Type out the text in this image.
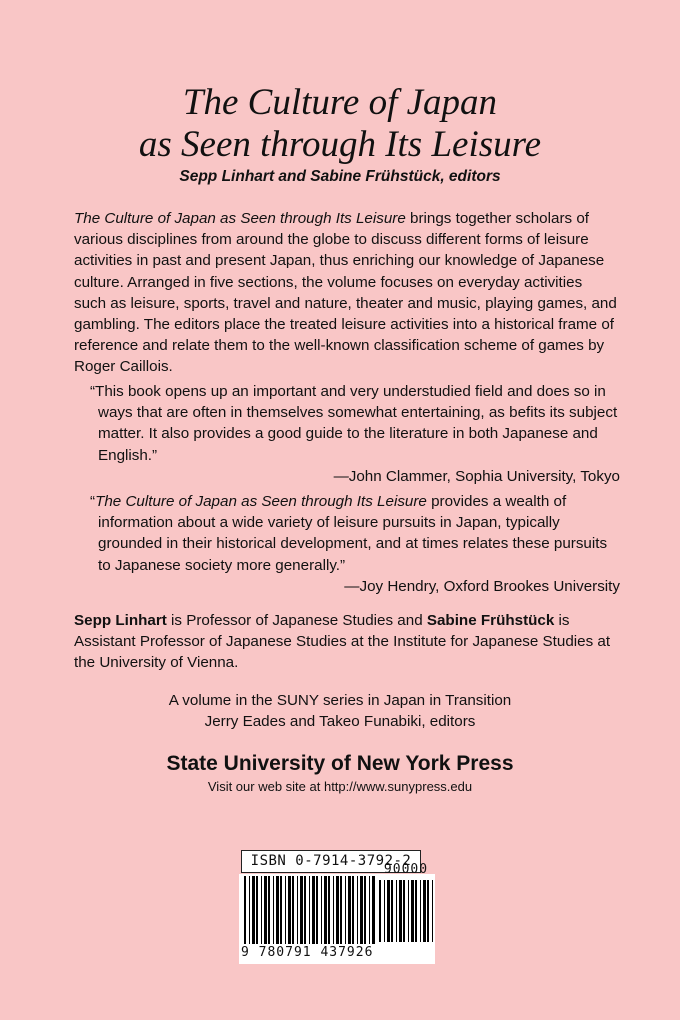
The Culture of Japan
as Seen through Its Leisure
Sepp Linhart and Sabine Frühstück, editors

The Culture of Japan as Seen through Its Leisure brings together scholars of various disciplines from around the globe to discuss different forms of leisure activities in past and present Japan, thus enriching our knowledge of Japanese culture. Arranged in five sections, the volume focuses on everyday activities such as leisure, sports, travel and nature, theater and music, playing games, and gambling. The editors place the treated leisure activities into a historical frame of reference and relate them to the well-known classification scheme of games by Roger Caillois.

“This book opens up an important and very understudied field and does so in ways that are often in themselves somewhat entertaining, as befits its subject matter. It also provides a good guide to the literature in both Japanese and English.”

—John Clammer, Sophia University, Tokyo

“The Culture of Japan as Seen through Its Leisure provides a wealth of information about a wide variety of leisure pursuits in Japan, typically grounded in their historical development, and at times relates these pursuits to Japanese society more generally.”

—Joy Hendry, Oxford Brookes University

Sepp Linhart is Professor of Japanese Studies and Sabine Frühstück is Assistant Professor of Japanese Studies at the Institute for Japanese Studies at the University of Vienna.

A volume in the SUNY series in Japan in Transition
Jerry Eades and Takeo Funabiki, editors
State University of New York Press
Visit our web site at http://www.sunypress.edu
ISBN 0-7914-3792-2
90000
9 780791 437926
